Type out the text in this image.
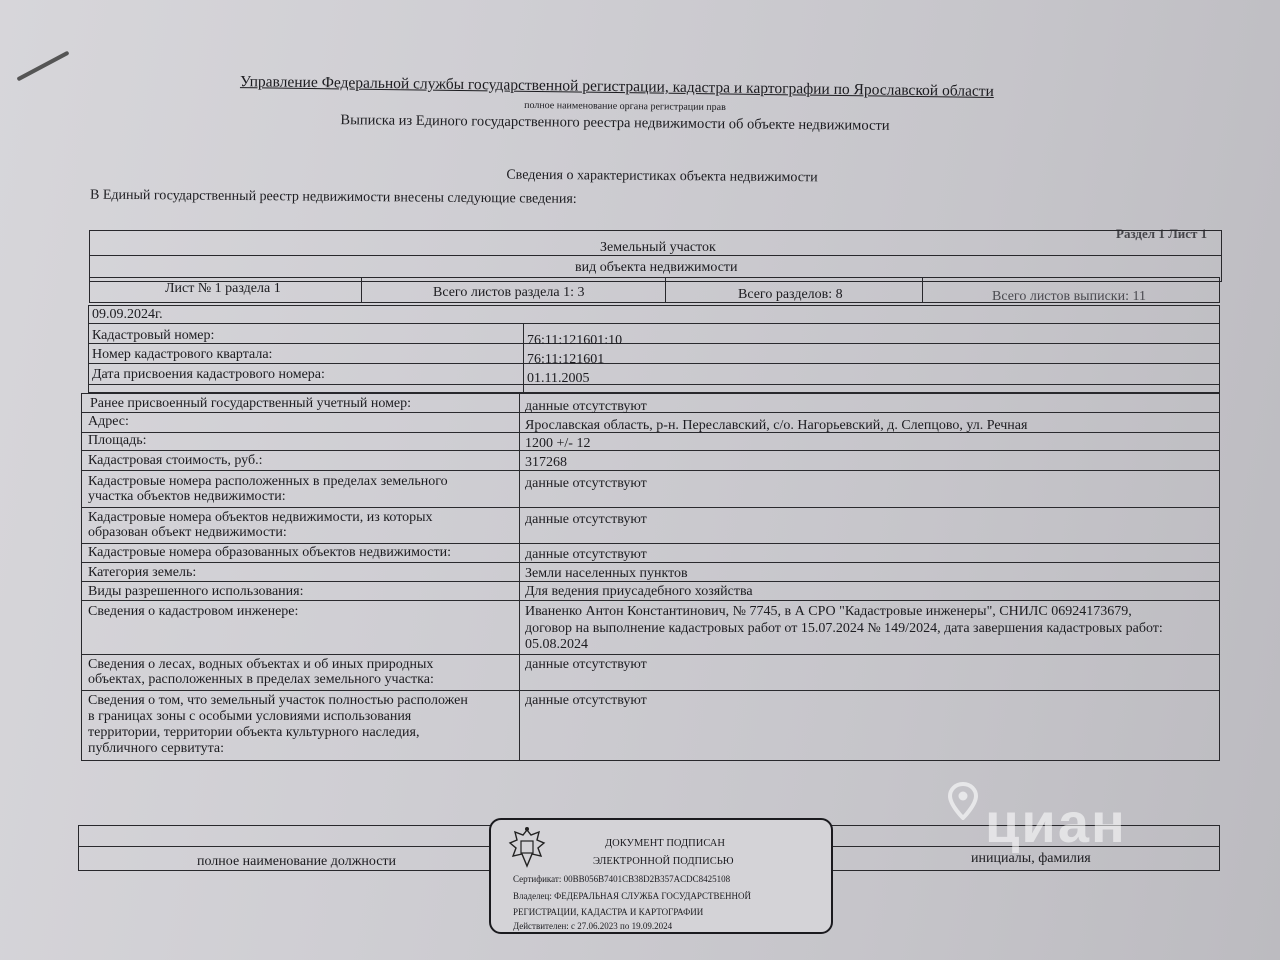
Управление Федеральной службы государственной регистрации, кадастра и картографии по Ярославской области
полное наименование органа регистрации прав
Выписка из Единого государственного реестра недвижимости об объекте недвижимости
Сведения о характеристиках объекта недвижимости
В Единый государственный реестр недвижимости внесены следующие сведения:
Раздел 1 Лист 1
Земельный участок
вид объекта недвижимости
Лист № 1 раздела 1	Всего листов раздела 1: 3	Всего разделов: 8	Всего листов выписки: 11
09.09.2024г.
Кадастровый номер:	76:11:121601:10
Номер кадастрового квартала:	76:11:121601
Дата присвоения кадастрового номера:	01.11.2005
Ранее присвоенный государственный учетный номер:	данные отсутствуют
Адрес:	Ярославская область, р-н. Переславский, с/о. Нагорьевский, д. Слепцово, ул. Речная
Площадь:	1200 +/- 12
Кадастровая стоимость, руб.:	317268
Кадастровые номера расположенных в пределах земельного
участка объектов недвижимости:
данные отсутствуют
Кадастровые номера объектов недвижимости, из которых
образован объект недвижимости:
данные отсутствуют
Кадастровые номера образованных объектов недвижимости:	данные отсутствуют
Категория земель:	Земли населенных пунктов
Виды разрешенного использования:	Для ведения приусадебного хозяйства
Сведения о кадастровом инженере:	Иваненко Антон Константинович, № 7745, в А СРО "Кадастровые инженеры", СНИЛС 06924173679,
договор на выполнение кадастровых работ от 15.07.2024 № 149/2024, дата завершения кадастровых работ:
05.08.2024
Сведения о лесах, водных объектах и об иных природных
объектах, расположенных в пределах земельного участка:
данные отсутствуют
Сведения о том, что земельный участок полностью расположен
в границах зоны с особыми условиями использования
территории, территории объекта культурного наследия,
публичного сервитута:
данные отсутствуют
полное наименование должности	инициалы, фамилия
ДОКУМЕНТ ПОДПИСАН
ЭЛЕКТРОННОЙ ПОДПИСЬЮ
Сертификат: 00BB056B7401CB38D2B357ACDC8425108
Владелец: ФЕДЕРАЛЬНАЯ СЛУЖБА ГОСУДАРСТВЕННОЙ
РЕГИСТРАЦИИ, КАДАСТРА И КАРТОГРАФИИ
Действителен: с 27.06.2023 по 19.09.2024
циан
